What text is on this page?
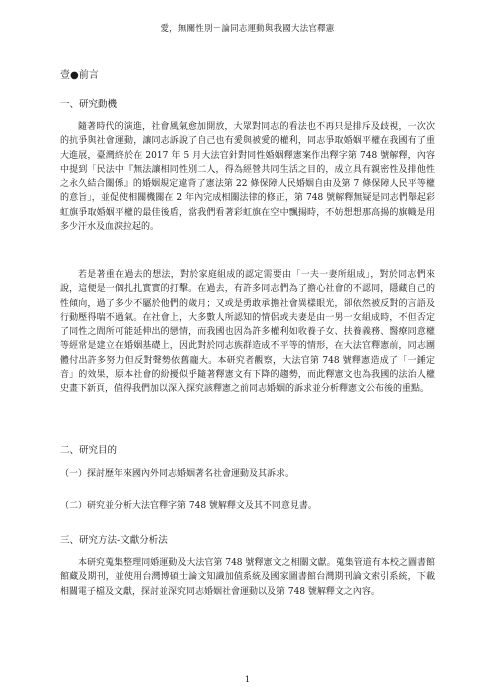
愛，無關性別－論同志運動與我國大法官釋憲
壹●前言
一、研究動機

隨著時代的演進，社會風氣愈加開放，大眾對同志的看法也不再只是排斥及歧視，一次次的抗爭與社會運動，讓同志訴說了自己也有愛與被愛的權利，同志爭取婚姻平權在我國有了重大進展，臺灣終於在 2017 年 5 月大法官針對同性婚姻釋憲案作出釋字第 748 號解釋，內容中提到「民法中『無法讓相同性別二人，得為經營共同生活之目的，成立具有親密性及排他性之永久結合關係』的婚姻規定違背了憲法第 22 條保障人民婚姻自由及第 7 條保障人民平等權的意旨」，並促使相關機關在 2 年內完成相關法律的修正，第 748 號解釋無疑是同志們舉起彩虹旗爭取婚姻平權的最佳後盾，當我們看著彩虹旗在空中飄揚時，不妨想想那高揚的旗幟是用多少汗水及血淚拉起的。

若是著重在過去的想法，對於家庭組成的認定需要由「一夫一妻所組成」，對於同志們來說，這便是一個扎扎實實的打擊。在過去，有許多同志們為了擔心社會的不認同，隱藏自己的性傾向，過了多少不屬於他們的歲月；又或是勇敢承擔社會異樣眼光，卻依然被反對的言語及行動壓得喘不過氣。在社會上，大多數人所認知的情侶或夫妻是由一男一女組成時，不但否定了同性之間所可能延伸出的戀情，而我國也因為許多權利如收養子女、扶養義務、醫療同意權等經常是建立在婚姻基礎上，因此對於同志族群造成不平等的情形，在大法官釋憲前，同志團體付出許多努力但反對聲勢依舊龐大。本研究者觀察，大法官第 748 號釋憲造成了「一錘定音」的效果，原本社會的紛擾似乎隨著釋憲文有下降的趨勢，而此釋憲文也為我國的法治人權史畫下新頁，值得我們加以深入探究該釋憲之前同志婚姻的訴求並分析釋憲文公布後的重點。

二、研究目的
（一）探討歷年來國內外同志婚姻著名社會運動及其訴求。
（二）研究並分析大法官釋字第 748 號解釋文及其不同意見書。
三、研究方法-文獻分析法

本研究蒐集整理同婚運動及大法官第 748 號釋憲文之相關文獻。蒐集管道有本校之圖書館館藏及期刊，並使用台灣博碩士論文知識加值系統及國家圖書館台灣期刊論文索引系統，下載相關電子檔及文獻，探討並深究同志婚姻社會運動以及第 748 號解釋文之內容。

1
